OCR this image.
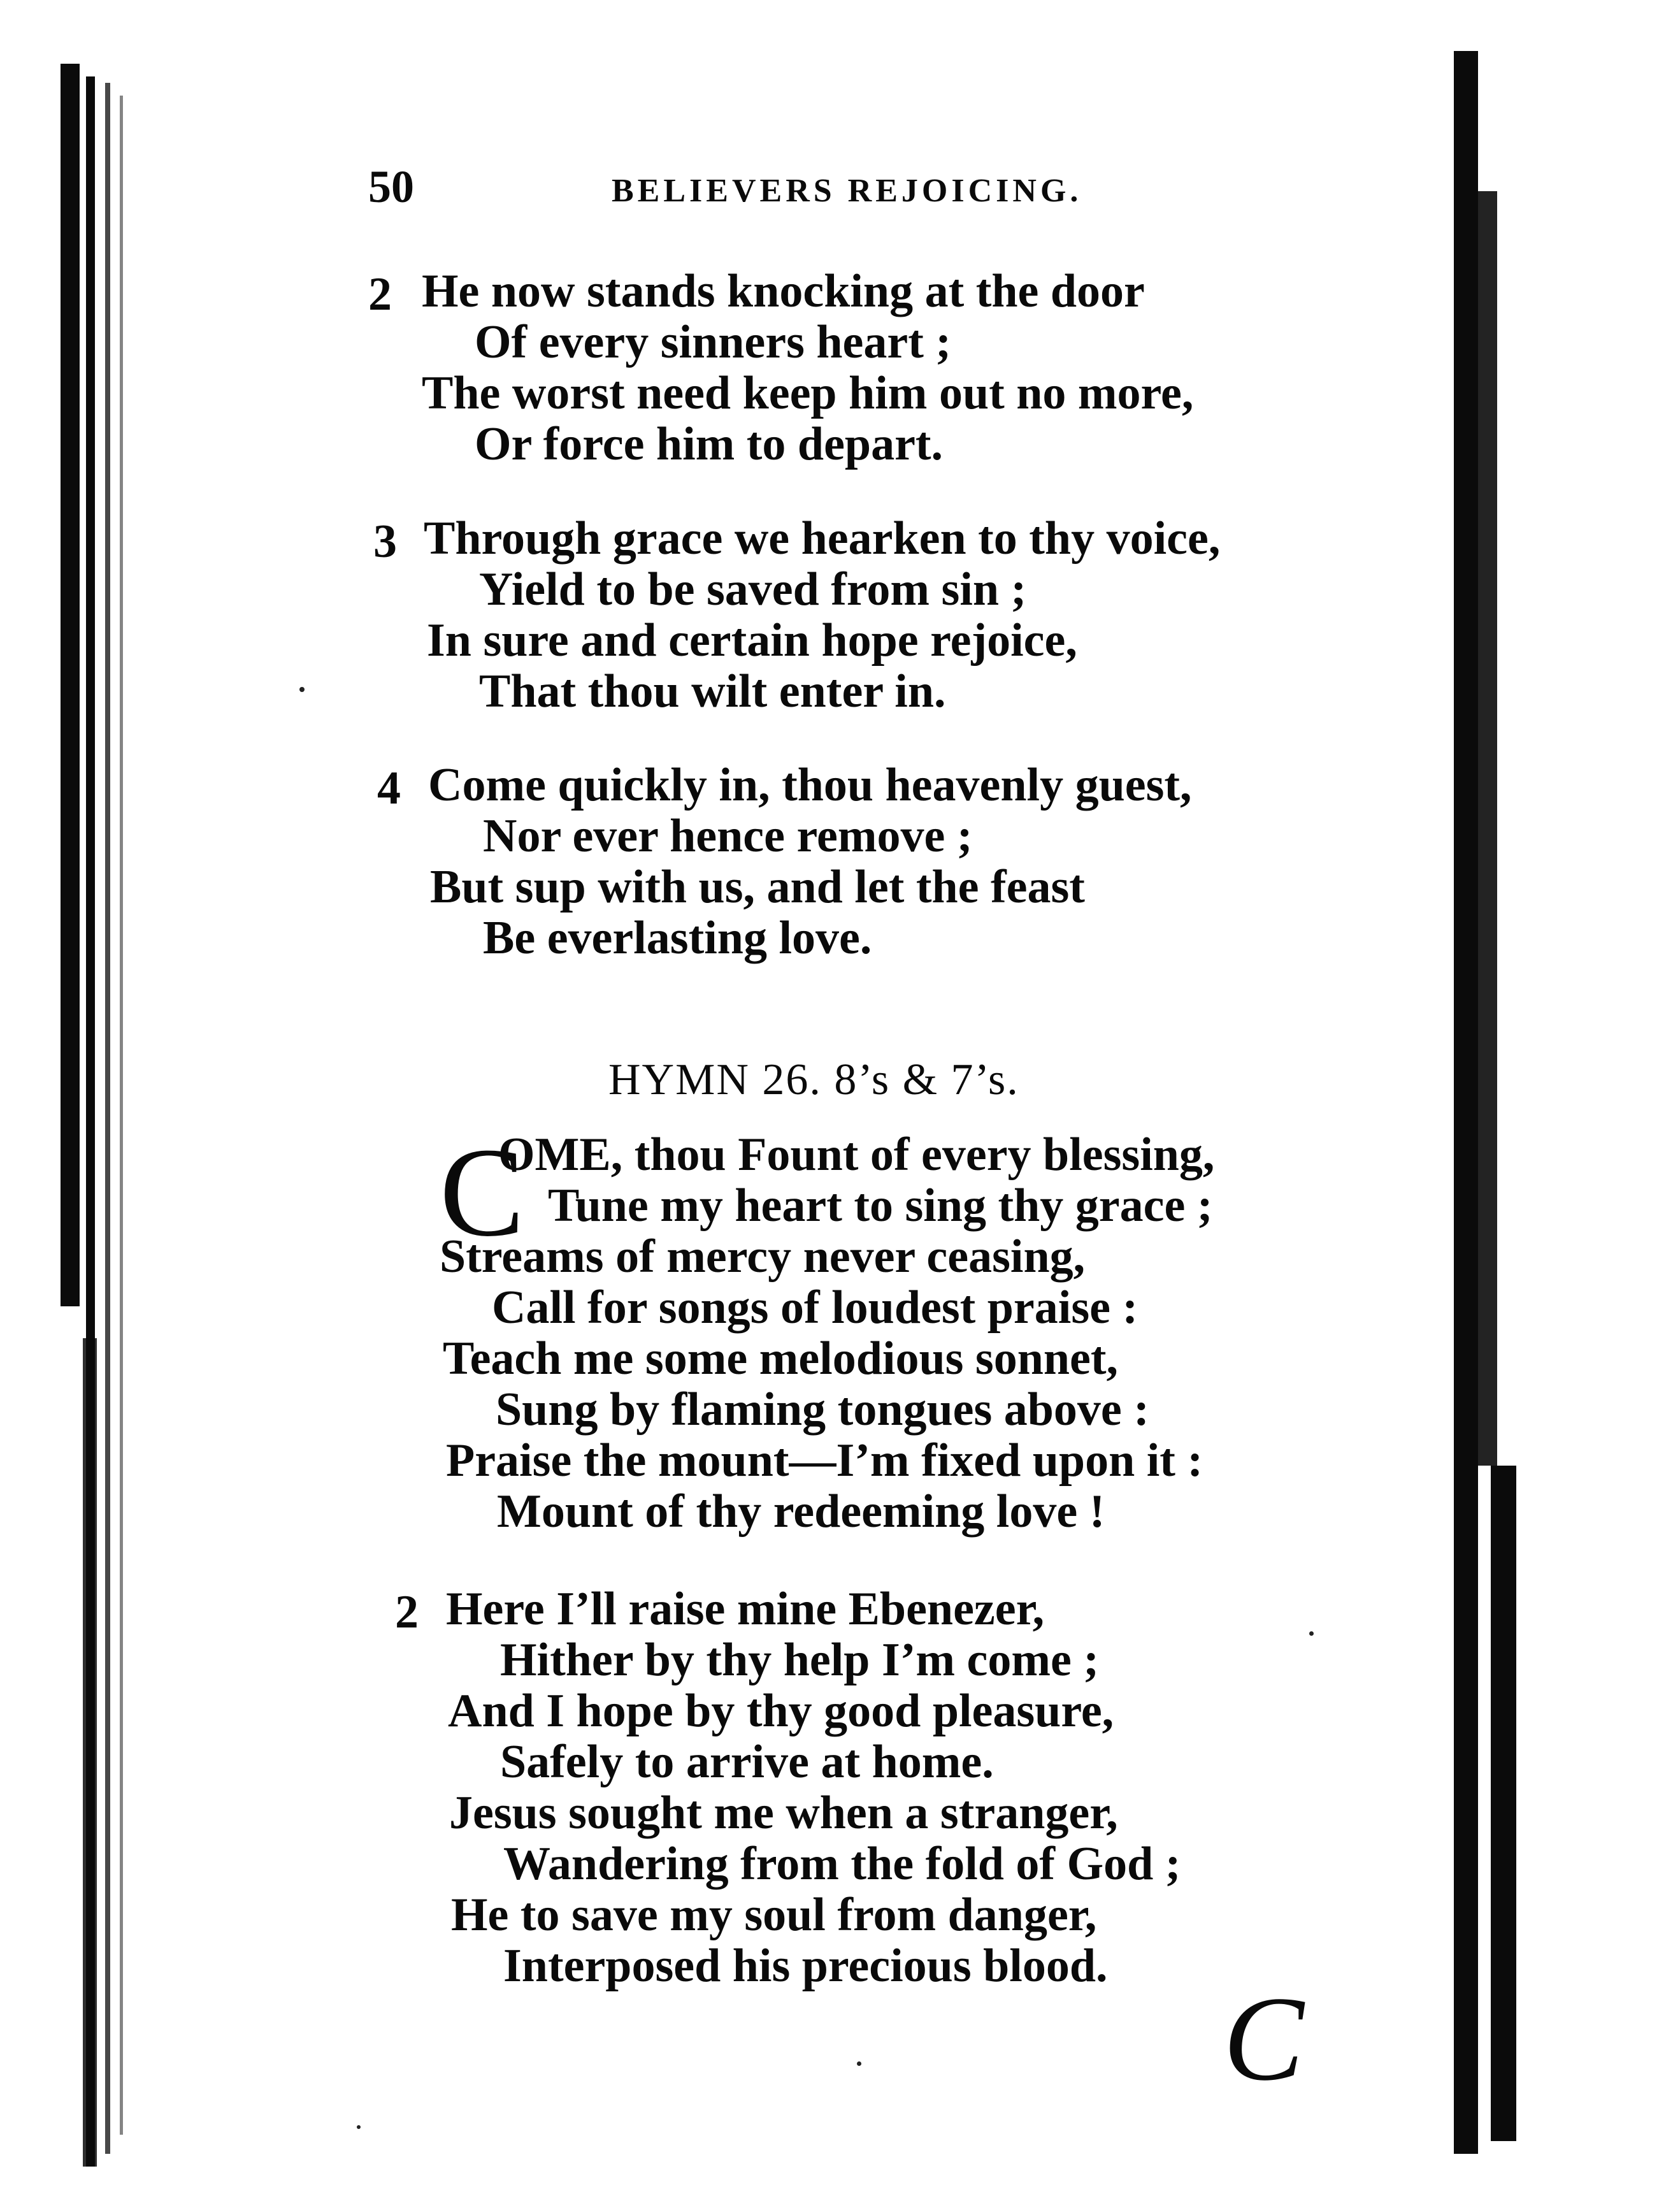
50	BELIEVERS REJOICING.
2 He now stands knocking at the door
Of every sinners heart ;
The worst need keep him out no more,
Or force him to depart.
3 Through grace we hearken to thy voice,
Yield to be saved from sin ;
In sure and certain hope rejoice,
That thou wilt enter in.
4 Come quickly in, thou heavenly guest,
Nor ever hence remove ;
But sup with us, and let the feast
Be everlasting love.
HYMN 26. 8’s & 7’s.
C
OME, thou Fount of every blessing,
Tune my heart to sing thy grace ;
Streams of mercy never ceasing,
Call for songs of loudest praise :
Teach me some melodious sonnet,
Sung by flaming tongues above :
Praise the mount—I’m fixed upon it :
Mount of thy redeeming love !
2 Here I’ll raise mine Ebenezer,
Hither by thy help I’m come ;
And I hope by thy good pleasure,
Safely to arrive at home.
Jesus sought me when a stranger,
Wandering from the fold of God ;
He to save my soul from danger,
Interposed his precious blood.
C
